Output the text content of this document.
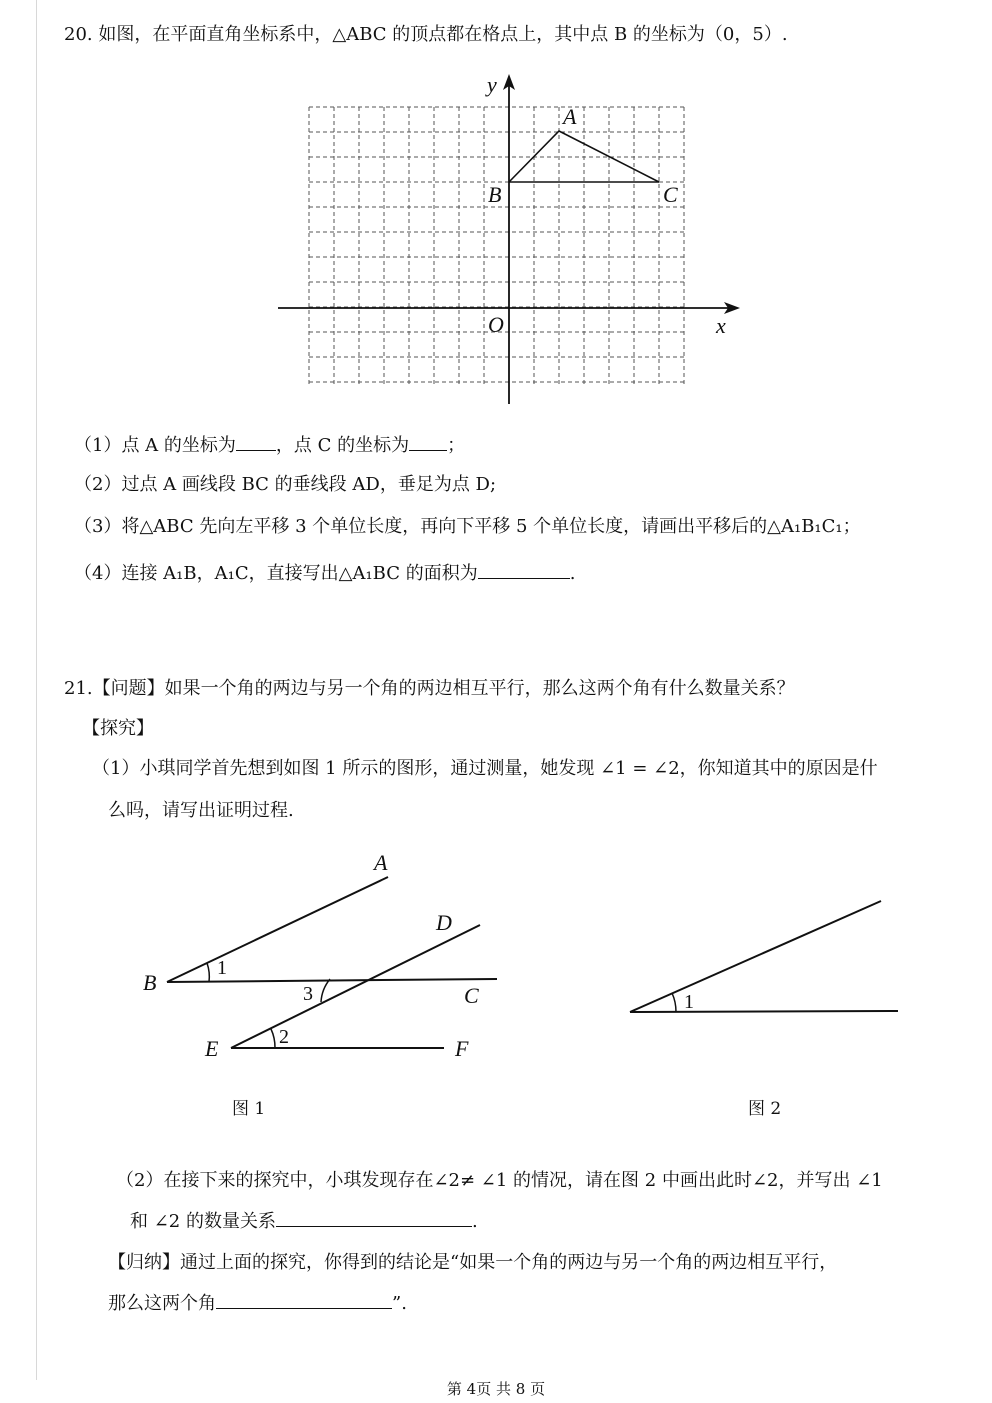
20. 如图，在平面直角坐标系中，△ABC 的顶点都在格点上，其中点 B 的坐标为（0，5）.
y
x
O
A
B	C
（1）点 A 的坐标为 ，点 C 的坐标为 ；
（2）过点 A 画线段 BC 的垂线段 AD，垂足为点 D;
（3）将△ABC 先向左平移 3 个单位长度，再向下平移 5 个单位长度，请画出平移后的△A₁B₁C₁；
（4）连接 A₁B，A₁C，直接写出△A₁BC 的面积为	.
21.【问题】如果一个角的两边与另一个角的两边相互平行，那么这两个角有什么数量关系？
【探究】
（1）小琪同学首先想到如图 1 所示的图形，通过测量，她发现 ∠1 = ∠2，你知道其中的原因是什
么吗，请写出证明过程.
A
B
C
D
E	F
1
2
3	1
图 1	图 2
（2）在接下来的探究中，小琪发现存在∠2≠ ∠1 的情况，请在图 2 中画出此时∠2，并写出 ∠1
和 ∠2 的数量关系	.
【归纳】通过上面的探究，你得到的结论是“如果一个角的两边与另一个角的两边相互平行，
那么这两个角	”.
第 4页 共 8 页
